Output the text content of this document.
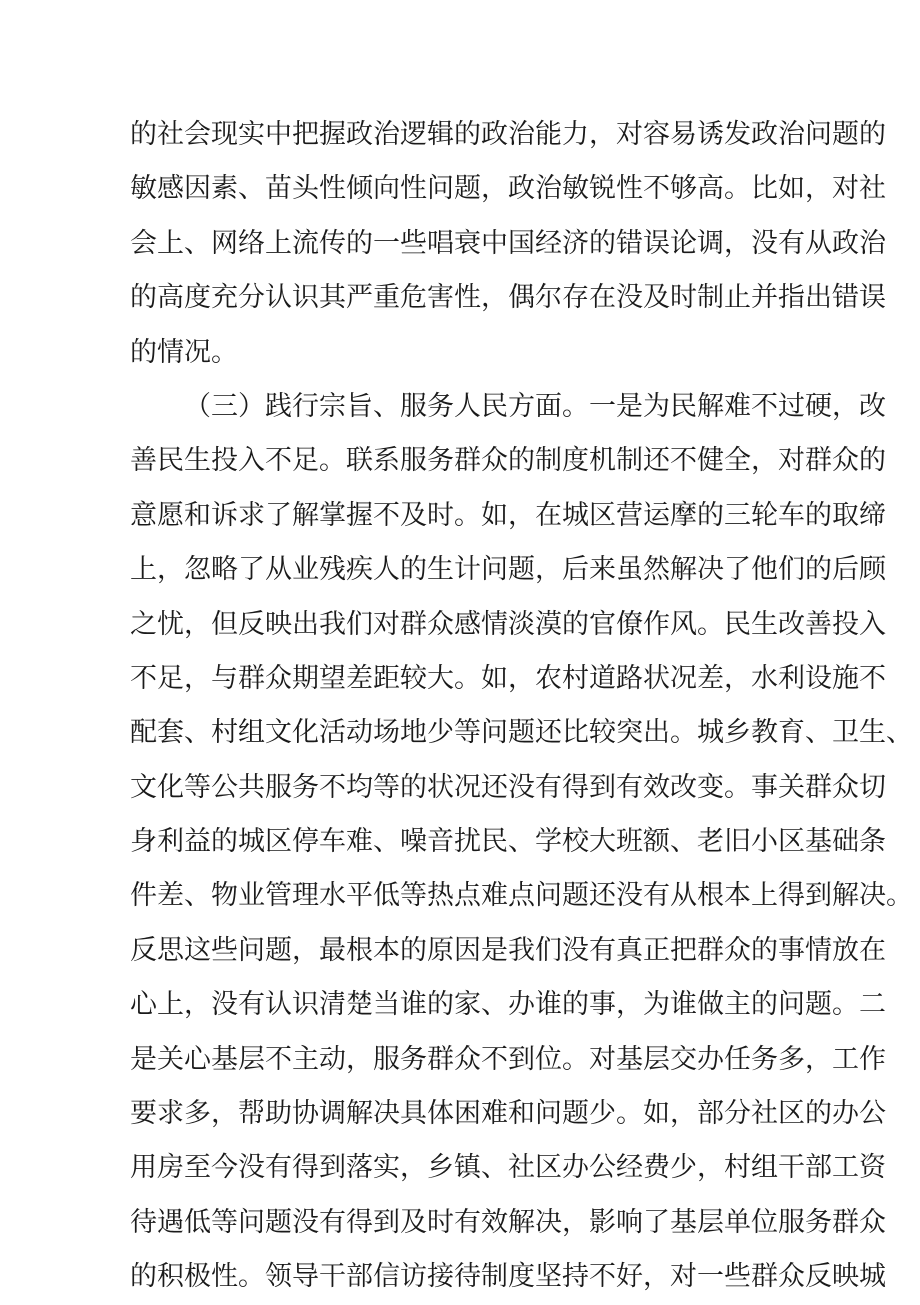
的社会现实中把握政治逻辑的政治能力，对容易诱发政治问题的
敏感因素、苗头性倾向性问题，政治敏锐性不够高。比如，对社
会上、网络上流传的一些唱衰中国经济的错误论调，没有从政治
的高度充分认识其严重危害性，偶尔存在没及时制止并指出错误
的情况。
（三）践行宗旨、服务人民方面。一是为民解难不过硬，改
善民生投入不足。联系服务群众的制度机制还不健全，对群众的
意愿和诉求了解掌握不及时。如，在城区营运摩的三轮车的取缔
上，忽略了从业残疾人的生计问题，后来虽然解决了他们的后顾
之忧，但反映出我们对群众感情淡漠的官僚作风。民生改善投入
不足，与群众期望差距较大。如，农村道路状况差，水利设施不
配套、村组文化活动场地少等问题还比较突出。城乡教育、卫生、
文化等公共服务不均等的状况还没有得到有效改变。事关群众切
身利益的城区停车难、噪音扰民、学校大班额、老旧小区基础条
件差、物业管理水平低等热点难点问题还没有从根本上得到解决。
反思这些问题，最根本的原因是我们没有真正把群众的事情放在
心上，没有认识清楚当谁的家、办谁的事，为谁做主的问题。二
是关心基层不主动，服务群众不到位。对基层交办任务多，工作
要求多，帮助协调解决具体困难和问题少。如，部分社区的办公
用房至今没有得到落实，乡镇、社区办公经费少，村组干部工资
待遇低等问题没有得到及时有效解决，影响了基层单位服务群众
的积极性。领导干部信访接待制度坚持不好，对一些群众反映城
